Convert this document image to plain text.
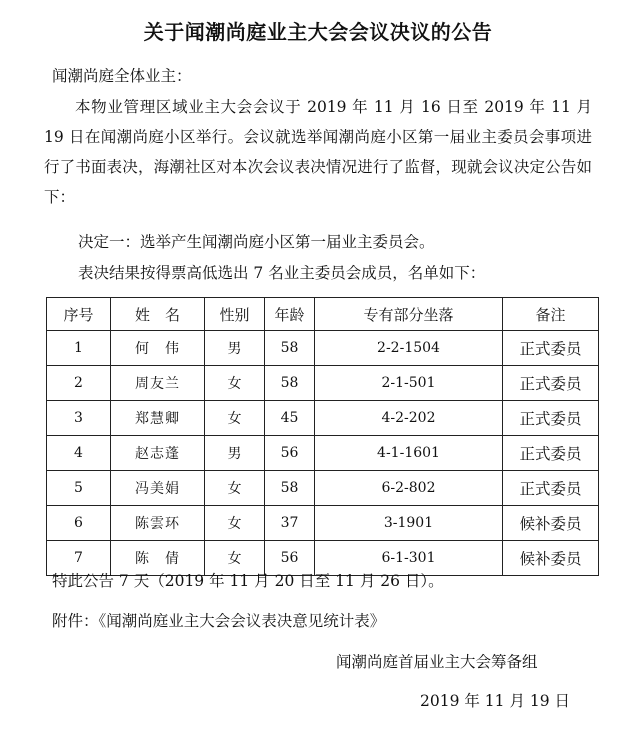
关于闻潮尚庭业主大会会议决议的公告
闻潮尚庭全体业主：
本物业管理区域业主大会会议于 2019 年 11 月 16 日至 2019 年 11 月 19 日在闻潮尚庭小区举行。会议就选举闻潮尚庭小区第一届业主委员会事项进行了书面表决，海潮社区对本次会议表决情况进行了监督，现就会议决定公告如下：
决定一：选举产生闻潮尚庭小区第一届业主委员会。
表决结果按得票高低选出 7 名业主委员会成员，名单如下：
序号	姓　名	性别	年龄	专有部分坐落	备注
1	何　伟	男	58	2-2-1504	正式委员
2	周友兰	女	58	2-1-501	正式委员
3	郑慧卿	女	45	4-2-202	正式委员
4	赵志蓬	男	56	4-1-1601	正式委员
5	冯美娟	女	58	6-2-802	正式委员
6	陈雲环	女	37	3-1901	候补委员
7	陈　倩	女	56	6-1-301	候补委员
特此公告 7 天（2019 年 11 月 20 日至 11 月 26 日）。
附件：《闻潮尚庭业主大会会议表决意见统计表》
闻潮尚庭首届业主大会筹备组
2019 年 11 月 19 日
